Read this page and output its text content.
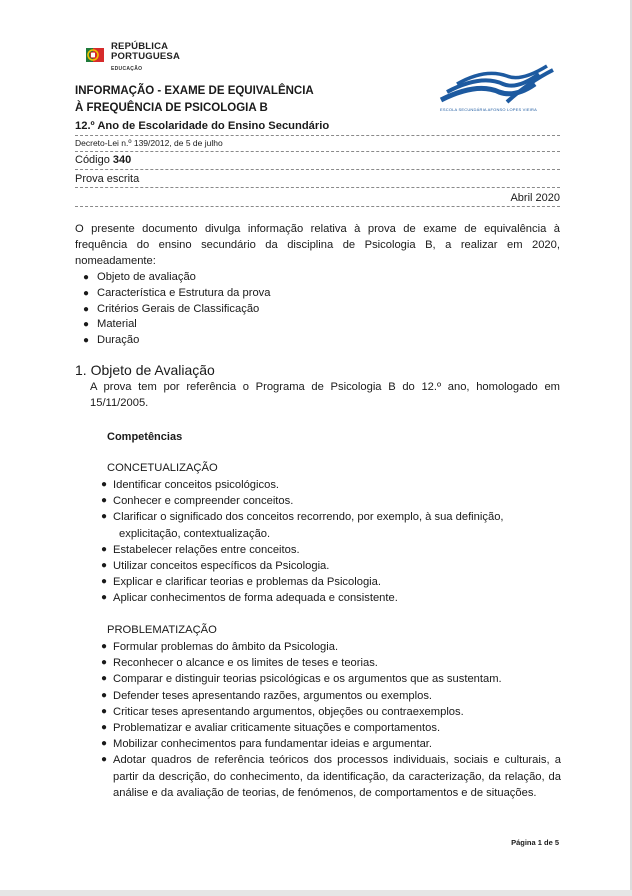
REPÚBLICA
PORTUGUESA
EDUCAÇÃO
ESCOLA SECUNDÁRIA AFONSO LOPES VIEIRA
INFORMAÇÃO - EXAME DE EQUIVALÊNCIA
À FREQUÊNCIA DE PSICOLOGIA B
12.º Ano de Escolaridade do Ensino Secundário
Decreto-Lei n.º 139/2012, de 5 de julho
Código 340
Prova escrita
Abril 2020
O presente documento divulga informação relativa à prova de exame de equivalência à frequência do ensino secundário da disciplina de Psicologia B, a realizar em 2020, nomeadamente:
● Objeto de avaliação
● Característica e Estrutura da prova
● Critérios Gerais de Classificação
● Material
● Duração
1. Objeto de Avaliação
A prova tem por referência o Programa de Psicologia B do 12.º ano, homologado em 15/11/2005.
Competências
CONCETUALIZAÇÃO
● Identificar conceitos psicológicos.
● Conhecer e compreender conceitos.
● Clarificar o significado dos conceitos recorrendo, por exemplo, à sua definição,
explicitação, contextualização.
● Estabelecer relações entre conceitos.
● Utilizar conceitos específicos da Psicologia.
● Explicar e clarificar teorias e problemas da Psicologia.
● Aplicar conhecimentos de forma adequada e consistente.
PROBLEMATIZAÇÃO
● Formular problemas do âmbito da Psicologia.
● Reconhecer o alcance e os limites de teses e teorias.
● Comparar e distinguir teorias psicológicas e os argumentos que as sustentam.
● Defender teses apresentando razões, argumentos ou exemplos.
● Criticar teses apresentando argumentos, objeções ou contraexemplos.
● Problematizar e avaliar criticamente situações e comportamentos.
● Mobilizar conhecimentos para fundamentar ideias e argumentar.
● Adotar quadros de referência teóricos dos processos individuais, sociais e culturais, a partir da descrição, do conhecimento, da identificação, da caracterização, da relação, da análise e da avaliação de teorias, de fenómenos, de comportamentos e de situações.
Página 1 de 5
